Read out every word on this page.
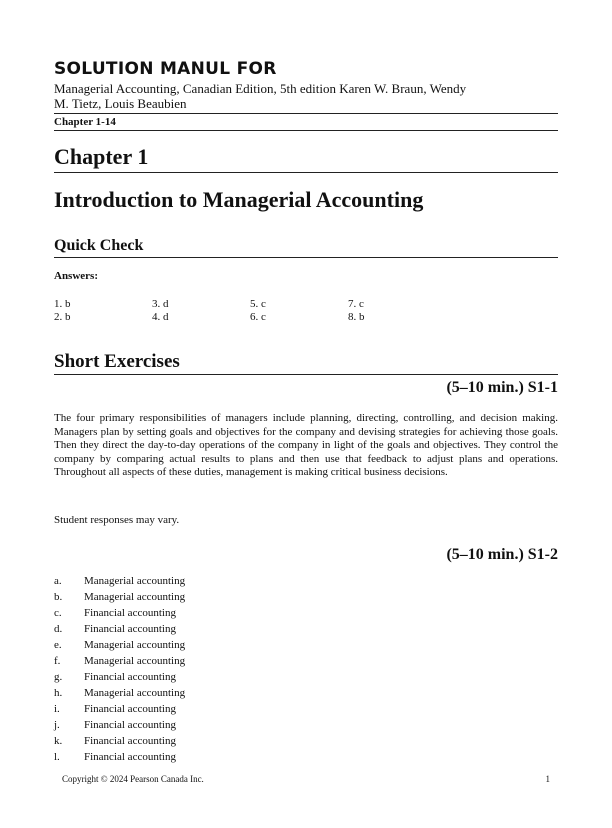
SOLUTION MANUL FOR
Managerial Accounting, Canadian Edition, 5th edition Karen W. Braun, Wendy
M. Tietz, Louis Beaubien
Chapter 1-14
Chapter 1
Introduction to Managerial Accounting
Quick Check
Answers:
1. b	3. d	5. c	7. c
2. b	4. d	6. c	8. b
Short Exercises
(5–10 min.) S1-1
The four primary responsibilities of managers include planning, directing, controlling, and decision making. Managers plan by setting goals and objectives for the company and devising strategies for achieving those goals. Then they direct the day-to-day operations of the company in light of the goals and objectives. They control the company by comparing actual results to plans and then use that feedback to adjust plans and operations. Throughout all aspects of these duties, management is making critical business decisions.
Student responses may vary.
(5–10 min.) S1-2
a.	Managerial accounting
b.	Managerial accounting
c.	Financial accounting
d.	Financial accounting
e.	Managerial accounting
f.	Managerial accounting
g.	Financial accounting
h.	Managerial accounting
i.	Financial accounting
j.	Financial accounting
k.	Financial accounting
l.	Financial accounting
Copyright © 2024 Pearson Canada Inc.	1
